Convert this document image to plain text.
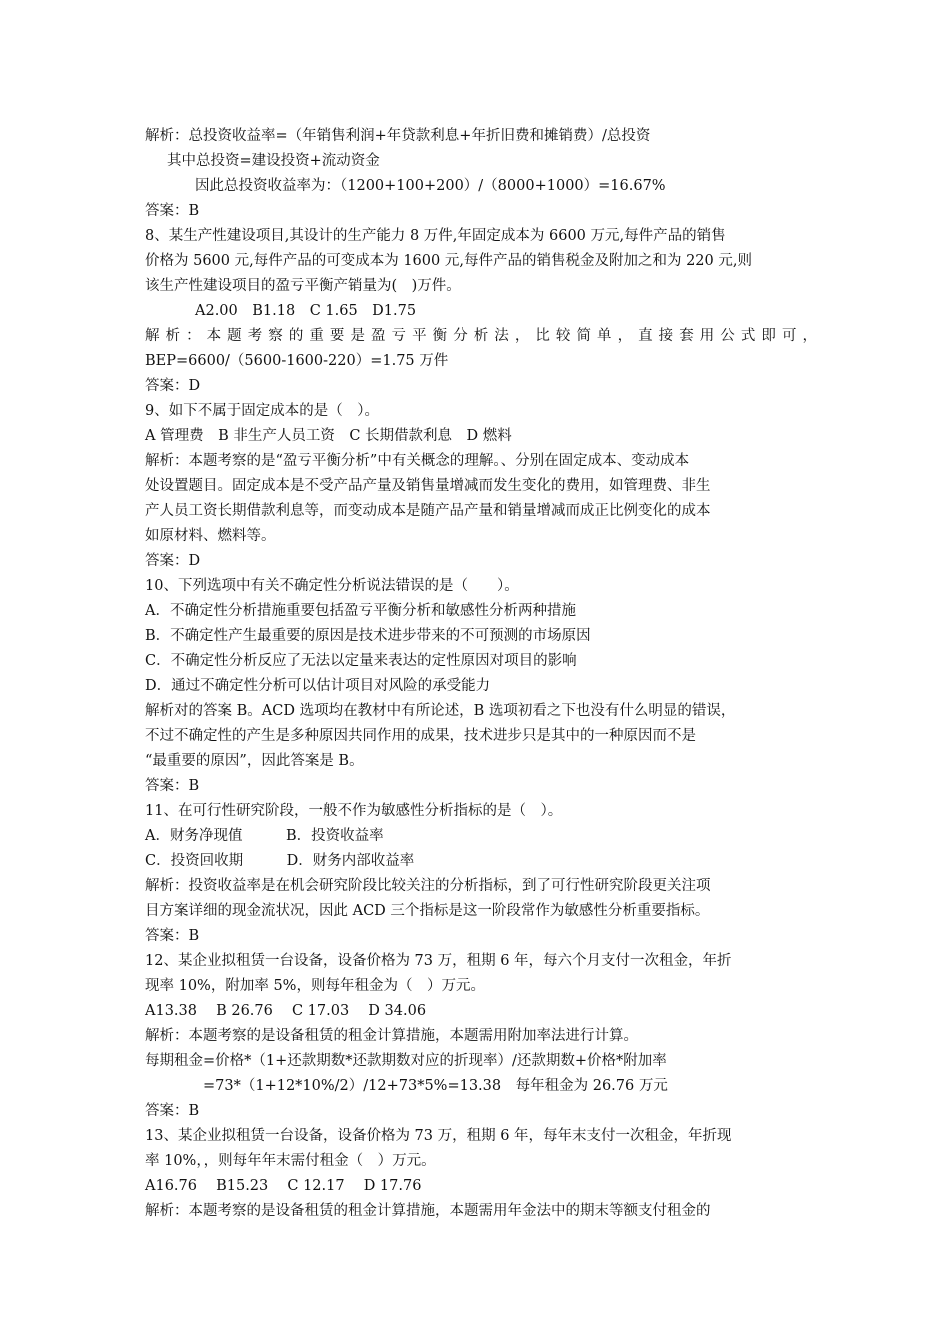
解析：总投资收益率=（年销售利润+年贷款利息+年折旧费和摊销费）/总投资
其中总投资=建设投资+流动资金
因此总投资收益率为：（1200+100+200）/（8000+1000）=16.67%
答案：B
8、某生产性建设项目,其设计的生产能力 8 万件,年固定成本为 6600 万元,每件产品的销售
价格为 5600 元,每件产品的可变成本为 1600 元,每件产品的销售税金及附加之和为 220 元,则
该生产性建设项目的盈亏平衡产销量为(　)万件。
A2.00　B1.18　C 1.65　D1.75
解析：本题考察的重要是盈亏平衡分析法，比较简单，直接套用公式即可，
BEP=6600/（5600-1600-220）=1.75 万件
答案：D
9、如下不属于固定成本的是（　）。
A 管理费　B 非生产人员工资　C 长期借款利息　D 燃料
解析：本题考察的是“盈亏平衡分析”中有关概念的理解。、分别在固定成本、变动成本
处设置题目。固定成本是不受产品产量及销售量增减而发生变化的费用，如管理费、非生
产人员工资长期借款利息等，而变动成本是随产品产量和销量增减而成正比例变化的成本
如原材料、燃料等。
答案：D
10、下列选项中有关不确定性分析说法错误的是（　　）。
A．不确定性分析措施重要包括盈亏平衡分析和敏感性分析两种措施
B．不确定性产生最重要的原因是技术进步带来的不可预测的市场原因
C．不确定性分析反应了无法以定量来表达的定性原因对项目的影响
D．通过不确定性分析可以估计项目对风险的承受能力
解析对的答案 B。ACD 选项均在教材中有所论述，B 选项初看之下也没有什么明显的错误，
不过不确定性的产生是多种原因共同作用的成果，技术进步只是其中的一种原因而不是
“最重要的原因”，因此答案是 B。
答案：B
11、在可行性研究阶段，一般不作为敏感性分析指标的是（　）。
A．财务净现值　　　B．投资收益率
C．投资回收期　　　D．财务内部收益率
解析：投资收益率是在机会研究阶段比较关注的分析指标，到了可行性研究阶段更关注项
目方案详细的现金流状况，因此 ACD 三个指标是这一阶段常作为敏感性分析重要指标。
答案：B
12、某企业拟租赁一台设备，设备价格为 73 万，租期 6 年，每六个月支付一次租金，年折
现率 10%，附加率 5%，则每年租金为（　）万元。
A13.38　 B 26.76　 C 17.03　 D 34.06
解析：本题考察的是设备租赁的租金计算措施，本题需用附加率法进行计算。
每期租金=价格*（1+还款期数*还款期数对应的折现率）/还款期数+价格*附加率
=73*（1+12*10%/2）/12+73*5%=13.38　每年租金为 26.76 万元
答案：B
13、某企业拟租赁一台设备，设备价格为 73 万，租期 6 年，每年末支付一次租金，年折现
率 10%，，则每年年末需付租金（　）万元。
A16.76　 B15.23　 C 12.17　 D 17.76
解析：本题考察的是设备租赁的租金计算措施，本题需用年金法中的期末等额支付租金的
